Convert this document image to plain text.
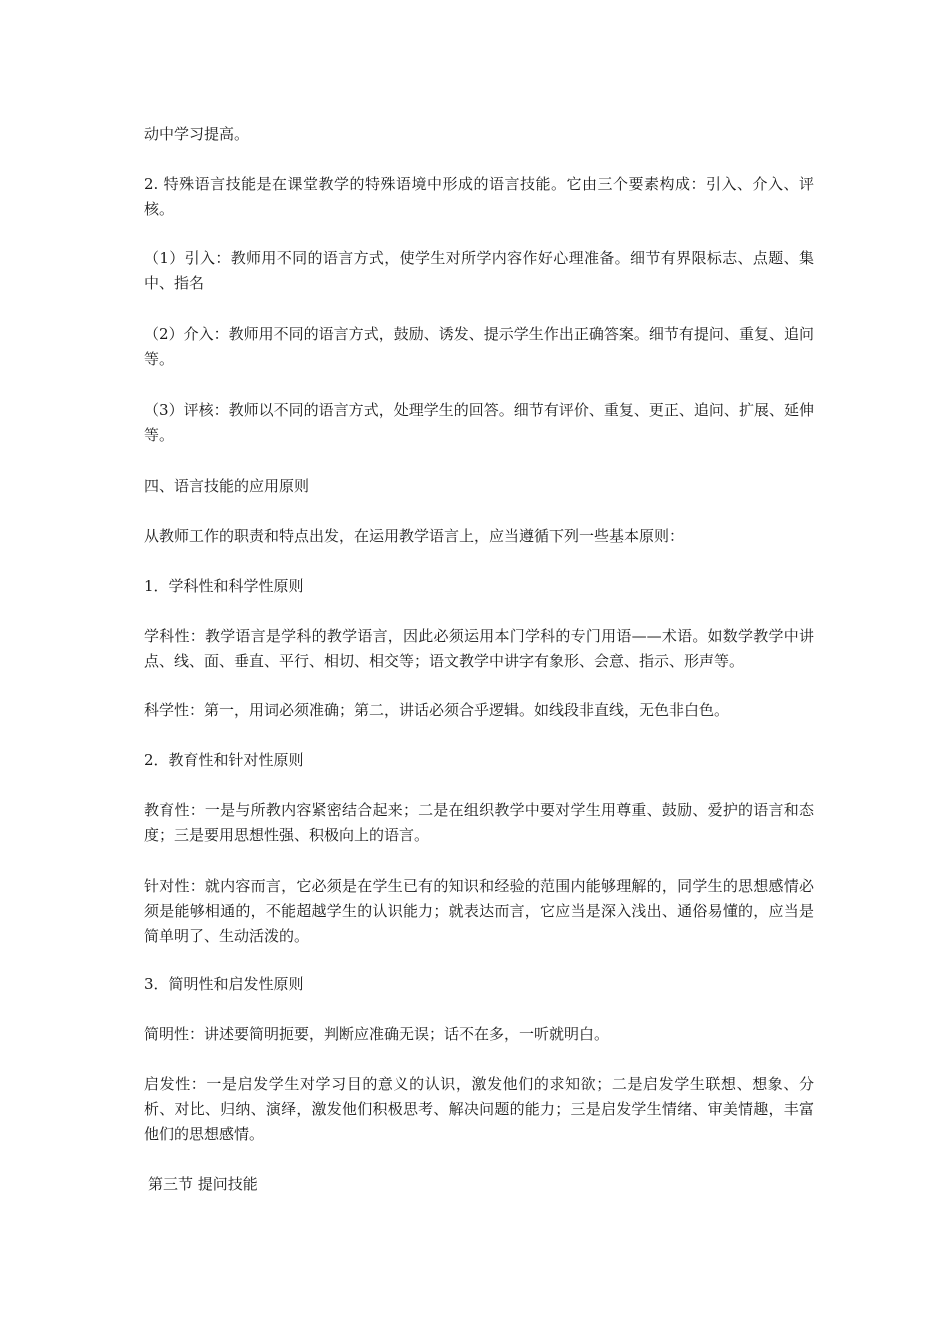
动中学习提高。

2. 特殊语言技能是在课堂教学的特殊语境中形成的语言技能。它由三个要素构成：引入、介入、评核。

（1）引入：教师用不同的语言方式，使学生对所学内容作好心理准备。细节有界限标志、点题、集中、指名

（2）介入：教师用不同的语言方式，鼓励、诱发、提示学生作出正确答案。细节有提问、重复、追问等。

（3）评核：教师以不同的语言方式，处理学生的回答。细节有评价、重复、更正、追问、扩展、延伸等。

四、语言技能的应用原则

从教师工作的职责和特点出发，在运用教学语言上，应当遵循下列一些基本原则：

1．学科性和科学性原则

学科性：教学语言是学科的教学语言，因此必须运用本门学科的专门用语——术语。如数学教学中讲点、线、面、垂直、平行、相切、相交等；语文教学中讲字有象形、会意、指示、形声等。

科学性：第一，用词必须准确；第二，讲话必须合乎逻辑。如线段非直线，无色非白色。

2．教育性和针对性原则

教育性：一是与所教内容紧密结合起来；二是在组织教学中要对学生用尊重、鼓励、爱护的语言和态度；三是要用思想性强、积极向上的语言。

针对性：就内容而言，它必须是在学生已有的知识和经验的范围内能够理解的，同学生的思想感情必须是能够相通的，不能超越学生的认识能力；就表达而言，它应当是深入浅出、通俗易懂的，应当是简单明了、生动活泼的。

3．简明性和启发性原则

简明性：讲述要简明扼要，判断应准确无误；话不在多，一听就明白。

启发性：一是启发学生对学习目的意义的认识，激发他们的求知欲；二是启发学生联想、想象、分析、对比、归纳、演绎，激发他们积极思考、解决问题的能力；三是启发学生情绪、审美情趣，丰富他们的思想感情。

第三节 提问技能
